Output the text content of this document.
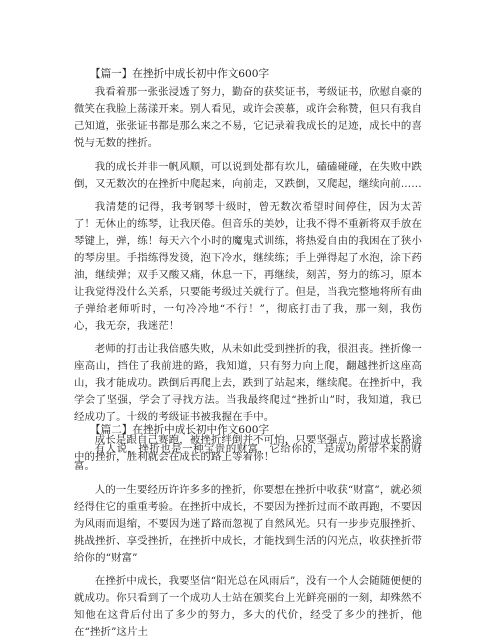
【篇一】在挫折中成长初中作文600字

我看着那一张张浸透了努力，勤奋的获奖证书，考级证书，欣慰自豪的微笑在我脸上荡漾开来。别人看见，或许会羡慕，或许会称赞，但只有我自己知道，张张证书都是那么来之不易，它记录着我成长的足迹，成长中的喜悦与无数的挫折。

我的成长并非一帆风顺，可以说到处都有坎儿，磕磕碰碰，在失败中跌倒，又无数次的在挫折中爬起来，向前走，又跌倒，又爬起，继续向前……

我清楚的记得，我考钢琴十级时，曾无数次希望时间停住，因为太苦了！无休止的练琴，让我厌倦。但音乐的美妙，让我不得不重新将双手放在琴键上，弹，练！每天六个小时的魔鬼式训练，将热爱自由的我困在了狭小的琴房里。手指练得发烫，泡下冷水，继续练；手上弹得起了水泡，涂下药油，继续弹；双手又酸又痛，休息一下，再继续，刻苦，努力的练习，原本让我觉得没什么关系，只要能考级过关就行了。但是，当我完整地将所有曲子弹给老师听时，一句冷冷地“不行！”，彻底打击了我，那一刻，我伤心，我无奈，我迷茫！

老师的打击让我倍感失败，从未如此受到挫折的我，很沮丧。挫折像一座高山，挡住了我前进的路，我知道，只有努力向上爬，翻越挫折这座高山，我才能成功。跌倒后再爬上去，跌到了站起来，继续爬。在挫折中，我学会了坚强，学会了寻找方法。当我最终爬过“挫折山”时，我知道，我已经成功了。十级的考级证书被我握在手中。

成长是跟自己赛跑，被挫折绊倒并不可怕，只要坚强点，跨过成长路途中的挫折，胜利就会在成长的路上等着你！

【篇二】在挫折中成长初中作文600字

有人说，挫折也是一种宝贵的财富，它给你的，是成功所带不来的财富。

人的一生要经历许许多多的挫折，你要想在挫折中收获“财富”，就必须经得住它的重重考验。在挫折中成长，不要因为挫折过而不敢再跑，不要因为风雨而退缩，不要因为迷了路而忽视了自然风光。只有一步步克服挫折、挑战挫折、享受挫折，在挫折中成长，才能找到生活的闪光点，收获挫折带给你的“财富”

在挫折中成长，我要坚信“阳光总在风雨后”，没有一个人会随随便便的就成功。你只看到了一个成功人士站在颁奖台上光鲜亮丽的一刻，却殊然不知他在这背后付出了多少的努力，多大的代价，经受了多少的挫折，他在“挫折”这片土
